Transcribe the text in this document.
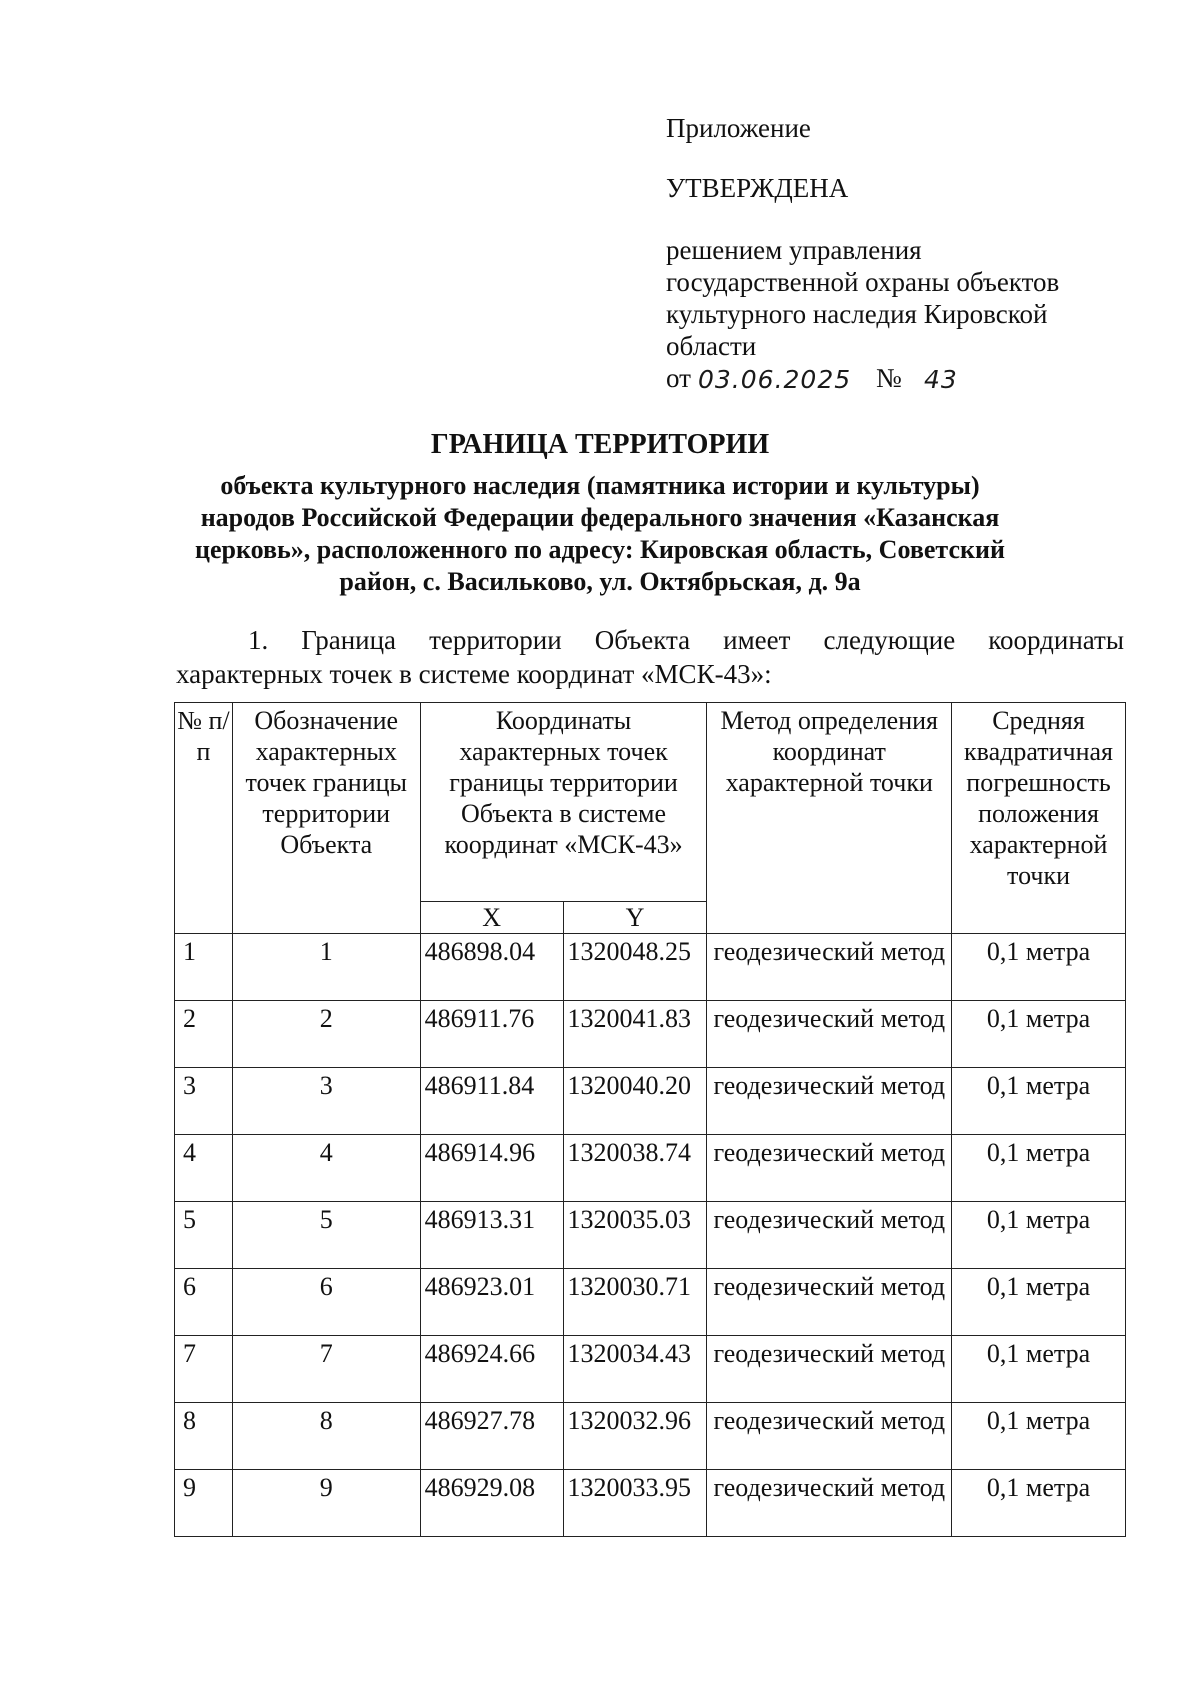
Приложение
УТВЕРЖДЕНА
решением управления
государственной охраны объектов
культурного наследия Кировской
области
от 03.06.2025 № 43
ГРАНИЦА ТЕРРИТОРИИ
объекта культурного наследия (памятника истории и культуры)
народов Российской Федерации федерального значения «Казанская
церковь», расположенного по адресу: Кировская область, Советский
район, с. Васильково, ул. Октябрьская, д. 9а
1. Граница территории Объекта имеет следующие координаты
характерных точек в системе координат «МСК-43»:
№ п/п	Обозначение характерных точек границы территории Объекта	Координаты характерных точек границы территории Объекта в системе координат «МСК-43»		Метод определения координат характерной точки	Средняя квадратичная погрешность положения характерной точки
		X	Y		
1	1	486898.04	1320048.25	геодезический метод	0,1 метра
2	2	486911.76	1320041.83	геодезический метод	0,1 метра
3	3	486911.84	1320040.20	геодезический метод	0,1 метра
4	4	486914.96	1320038.74	геодезический метод	0,1 метра
5	5	486913.31	1320035.03	геодезический метод	0,1 метра
6	6	486923.01	1320030.71	геодезический метод	0,1 метра
7	7	486924.66	1320034.43	геодезический метод	0,1 метра
8	8	486927.78	1320032.96	геодезический метод	0,1 метра
9	9	486929.08	1320033.95	геодезический метод	0,1 метра
